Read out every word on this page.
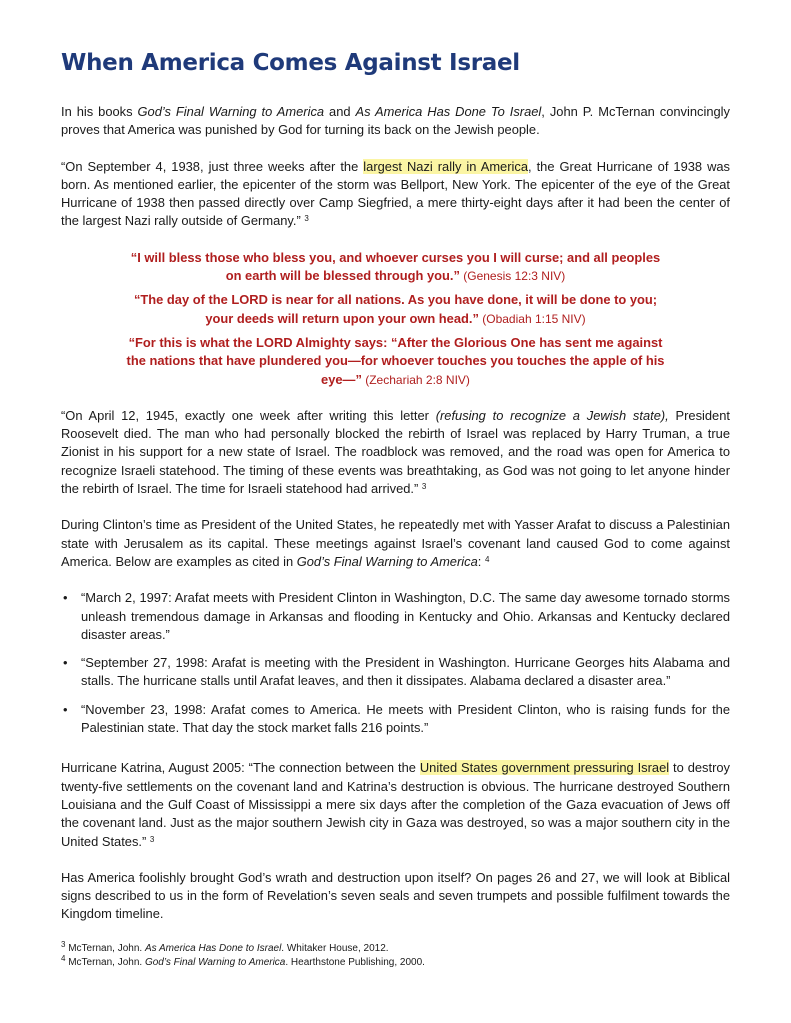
When America Comes Against Israel

In his books God’s Final Warning to America and As America Has Done To Israel, John P. McTernan convincingly proves that America was punished by God for turning its back on the Jewish people.

“On September 4, 1938, just three weeks after the largest Nazi rally in America, the Great Hurricane of 1938 was born. As mentioned earlier, the epicenter of the storm was Bellport, New York. The epicenter of the eye of the Great Hurricane of 1938 then passed directly over Camp Siegfried, a mere thirty-eight days after it had been the center of the largest Nazi rally outside of Germany.” $^3$

“I will bless those who bless you, and whoever curses you I will curse; and all peoples on earth will be blessed through you.” (Genesis 12:3 NIV)
“The day of the LORD is near for all nations. As you have done, it will be done to you; your deeds will return upon your own head.” (Obadiah 1:15 NIV)
“For this is what the LORD Almighty says: “After the Glorious One has sent me against the nations that have plundered you—for whoever touches you touches the apple of his eye—” (Zechariah 2:8 NIV)

“On April 12, 1945, exactly one week after writing this letter (refusing to recognize a Jewish state), President Roosevelt died. The man who had personally blocked the rebirth of Israel was replaced by Harry Truman, a true Zionist in his support for a new state of Israel. The roadblock was removed, and the road was open for America to recognize Israeli statehood. The timing of these events was breathtaking, as God was not going to let anyone hinder the rebirth of Israel. The time for Israeli statehood had arrived.” $^3$

During Clinton’s time as President of the United States, he repeatedly met with Yasser Arafat to discuss a Palestinian state with Jerusalem as its capital. These meetings against Israel’s covenant land caused God to come against America. Below are examples as cited in God’s Final Warning to America: $^4$

• “March 2, 1997: Arafat meets with President Clinton in Washington, D.C. The same day awesome tornado storms unleash tremendous damage in Arkansas and flooding in Kentucky and Ohio. Arkansas and Kentucky declared disaster areas.”
• “September 27, 1998: Arafat is meeting with the President in Washington. Hurricane Georges hits Alabama and stalls. The hurricane stalls until Arafat leaves, and then it dissipates. Alabama declared a disaster area.”
• “November 23, 1998: Arafat comes to America. He meets with President Clinton, who is raising funds for the Palestinian state. That day the stock market falls 216 points.”

Hurricane Katrina, August 2005: “The connection between the United States government pressuring Israel to destroy twenty-five settlements on the covenant land and Katrina’s destruction is obvious. The hurricane destroyed Southern Louisiana and the Gulf Coast of Mississippi a mere six days after the completion of the Gaza evacuation of Jews off the covenant land. Just as the major southern Jewish city in Gaza was destroyed, so was a major southern city in the United States.” $^3$

Has America foolishly brought God’s wrath and destruction upon itself? On pages 26 and 27, we will look at Biblical signs described to us in the form of Revelation’s seven seals and seven trumpets and possible fulfilment towards the Kingdom timeline.

$^3$ McTernan, John. As America Has Done to Israel. Whitaker House, 2012.
$^4$ McTernan, John. God’s Final Warning to America. Hearthstone Publishing, 2000.
